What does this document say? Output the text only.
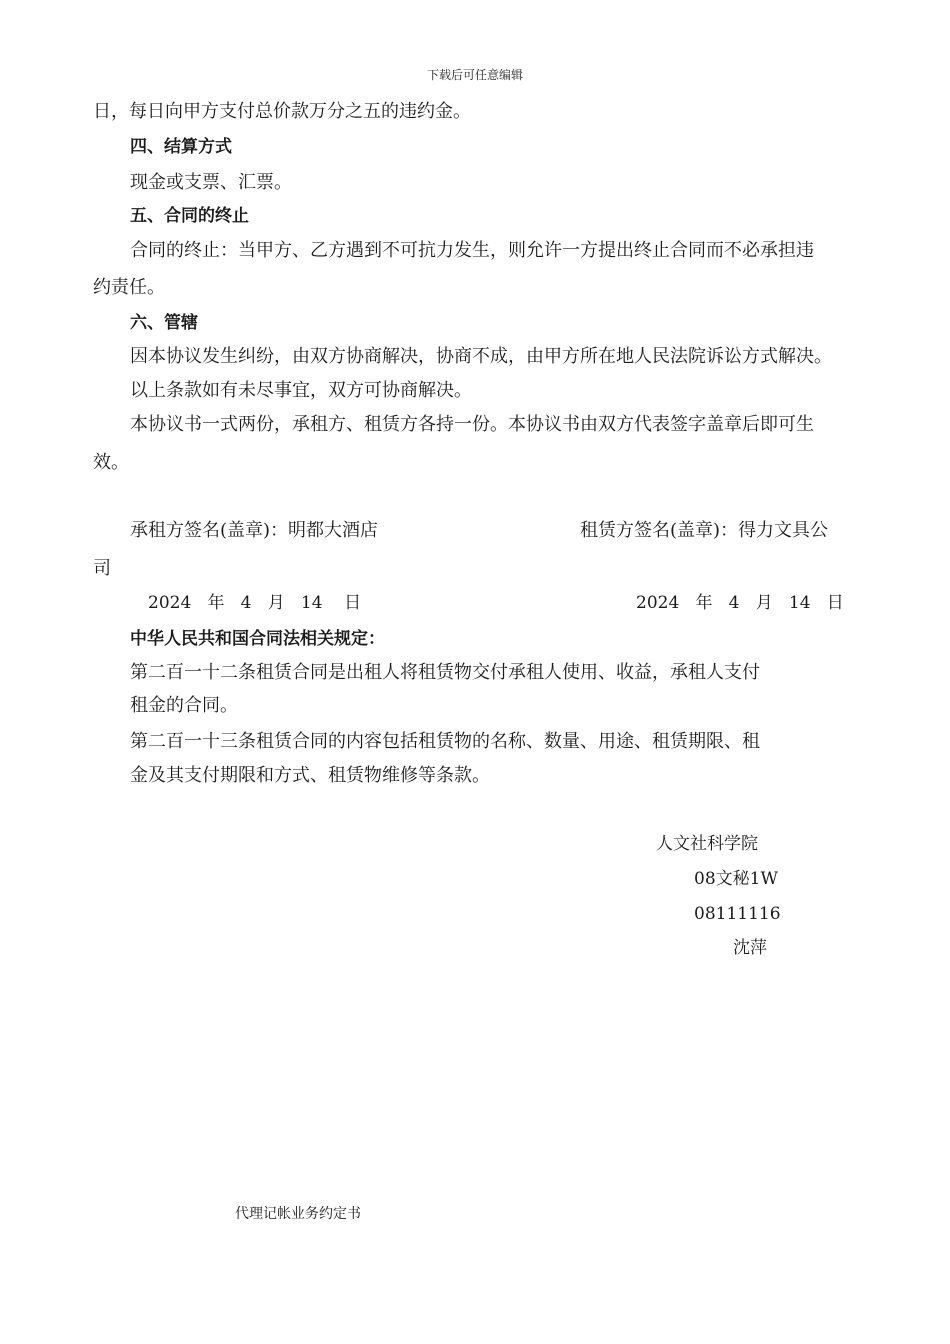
下载后可任意编辑
日，每日向甲方支付总价款万分之五的违约金。
四、结算方式
现金或支票、汇票。
五、合同的终止
合同的终止：当甲方、乙方遇到不可抗力发生，则允许一方提出终止合同而不必承担违
约责任。
六、管辖
因本协议发生纠纷，由双方协商解决，协商不成，由甲方所在地人民法院诉讼方式解决。
以上条款如有未尽事宜，双方可协商解决。
本协议书一式两份，承租方、租赁方各持一份。本协议书由双方代表签字盖章后即可生
效。
承租方签名(盖章)：明都大酒店	租赁方签名(盖章)：得力文具公
司
2024   年   4   月   14    日	2024   年   4   月   14   日
中华人民共和国合同法相关规定：
第二百一十二条租赁合同是出租人将租赁物交付承租人使用、收益，承租人支付
租金的合同。
第二百一十三条租赁合同的内容包括租赁物的名称、数量、用途、租赁期限、租
金及其支付期限和方式、租赁物维修等条款。
人文社科学院
08文秘1W
08111116
沈萍
代理记帐业务约定书
